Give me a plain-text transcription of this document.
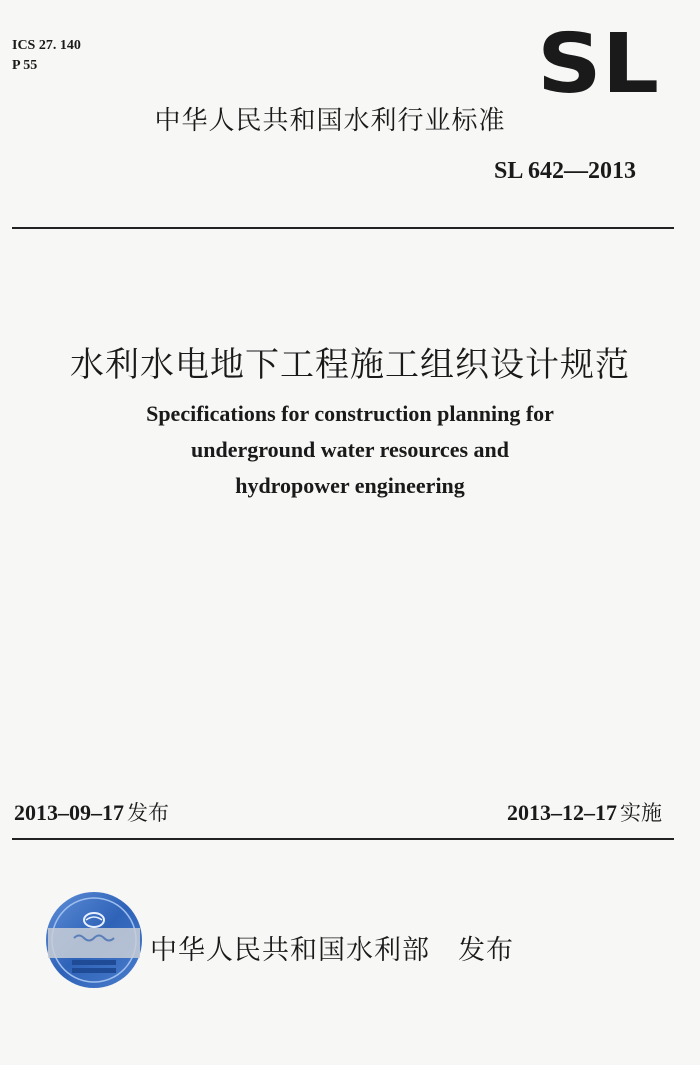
ICS 27. 140
P 55	SL
中华人民共和国水利行业标准
SL 642—2013
水利水电地下工程施工组织设计规范
Specifications for construction planning for
underground water resources and
hydropower engineering
2013–09–17 发布	2013–12–17 实施
中华人民共和国水利部 发布
